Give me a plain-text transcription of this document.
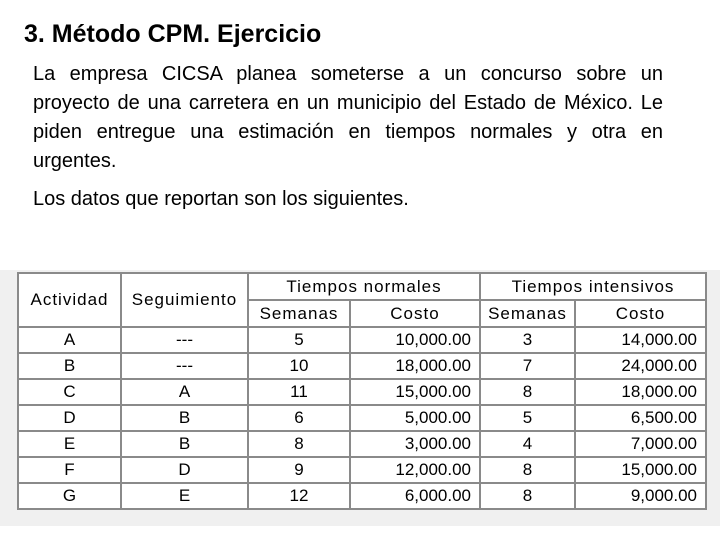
3. Método CPM. Ejercicio

La empresa CICSA planea someterse a un concurso sobre un proyecto de una carretera en un municipio del Estado de México. Le piden entregue una estimación en tiempos normales y otra en urgentes.

Los datos que reportan son los siguientes.

Actividad	Seguimiento	Tiempos normales		Tiempos intensivos	
		Semanas	Costo	Semanas	Costo
A	---	5	10,000.00	3	14,000.00
B	---	10	18,000.00	7	24,000.00
C	A	11	15,000.00	8	18,000.00
D	B	6	5,000.00	5	6,500.00
E	B	8	3,000.00	4	7,000.00
F	D	9	12,000.00	8	15,000.00
G	E	12	6,000.00	8	9,000.00
